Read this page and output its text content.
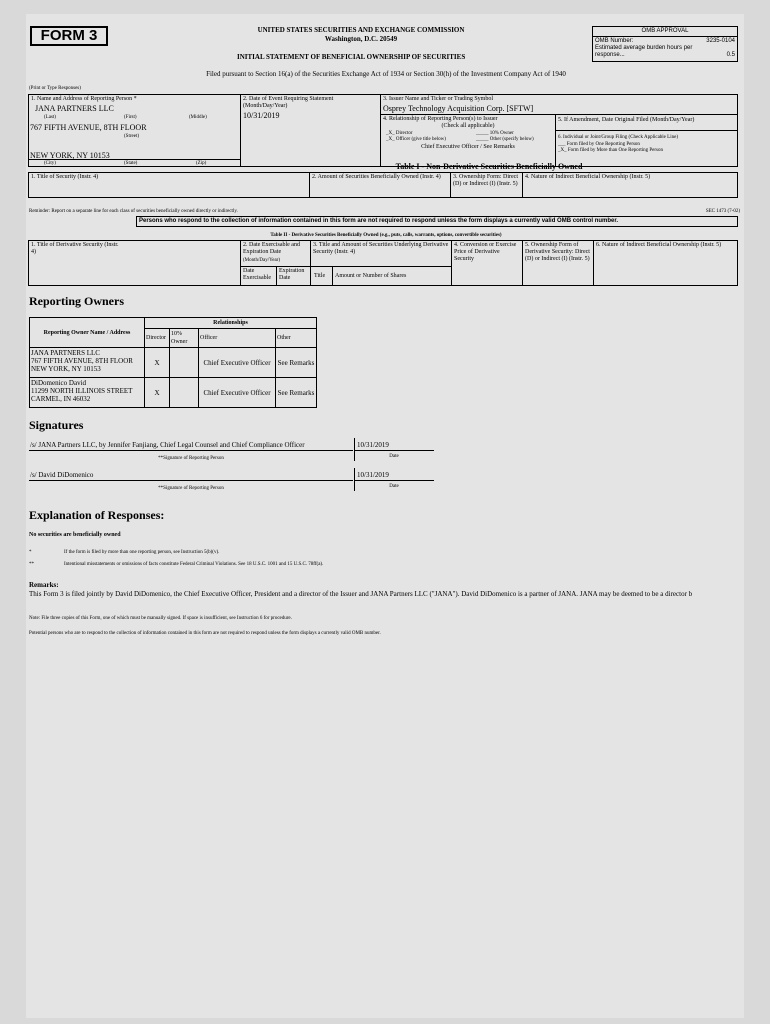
FORM 3	UNITED STATES SECURITIES AND EXCHANGE COMMISSION
Washington, D.C. 20549
INITIAL STATEMENT OF BENEFICIAL OWNERSHIP OF SECURITIES
OMB APPROVAL
OMB Number:	3235-0104
Estimated average burden hours per response...	0.5
Filed pursuant to Section 16(a) of the Securities Exchange Act of 1934 or Section 30(h) of the Investment Company Act of 1940
(Print or Type Responses)
1. Name and Address of Reporting Person *
JANA PARTNERS LLC
(Last)	(First)	(Middle)
767 FIFTH AVENUE, 8TH FLOOR
(Street)
NEW YORK, NY 10153
(City)	(State)	(Zip)
2. Date of Event Requiring Statement (Month/Day/Year)
10/31/2019
3. Issuer Name and Ticker or Trading Symbol
Osprey Technology Acquisition Corp. [SFTW]
4. Relationship of Reporting Person(s) to Issuer
(Check all applicable)
_X_ Director	_____ 10% Owner
_X_ Officer (give title below)	_____ Other (specify below)
Chief Executive Officer / See Remarks
5. If Amendment, Date Original Filed (Month/Day/Year)
6. Individual or Joint/Group Filing (Check Applicable Line)
___ Form filed by One Reporting Person
_X_ Form filed by More than One Reporting Person
Table I - Non-Derivative Securities Beneficially Owned
1. Title of Security (Instr. 4)	2. Amount of Securities Beneficially Owned (Instr. 4)	3. Ownership Form: Direct (D) or Indirect (I) (Instr. 5)
4. Nature of Indirect Beneficial Ownership (Instr. 5)
Reminder: Report on a separate line for each class of securities beneficially owned directly or indirectly.	SEC 1473 (7-02)
Persons who respond to the collection of information contained in this form are not required to respond unless the form displays a currently valid OMB control number.
Table II - Derivative Securities Beneficially Owned (e.g., puts, calls, warrants, options, convertible securities)
1. Title of Derivative Security (Instr. 4)
2. Date Exercisable and Expiration Date
(Month/Day/Year)
Date Exercisable
Expiration Date
3. Title and Amount of Securities Underlying Derivative Security (Instr. 4)
Title Amount or Number of Shares
4. Conversion or Exercise Price of Derivative Security
5. Ownership Form of Derivative Security: Direct (D) or Indirect (I) (Instr. 5)
6. Nature of Indirect Beneficial Ownership (Instr. 5)
Reporting Owners
Reporting Owner Name / Address	Relationships			
	Director	10% Owner	Officer	Other

JANA PARTNERS LLC
767 FIFTH AVENUE, 8TH FLOOR
NEW YORK, NY 10153	X		Chief Executive Officer	See Remarks

DiDomenico David
11299 NORTH ILLINOIS STREET
CARMEL, IN 46032	X		Chief Executive Officer	See Remarks
Signatures
/s/ JANA Partners LLC, by Jennifer Fanjiang, Chief Legal Counsel and Chief Compliance Officer
**Signature of Reporting Person
10/31/2019
Date
/s/ David DiDomenico
**Signature of Reporting Person
10/31/2019
Date
Explanation of Responses:
No securities are beneficially owned
*	If the form is filed by more than one reporting person, see Instruction 5(b)(v).
**	Intentional misstatements or omissions of facts constitute Federal Criminal Violations. See 18 U.S.C. 1001 and 15 U.S.C. 78ff(a).
Remarks:
This Form 3 is filed jointly by David DiDomenico, the Chief Executive Officer, President and a director of the Issuer and JANA Partners LLC ("JANA"). David DiDomenico is a partner of JANA. JANA may be deemed to be a director b
Note: File three copies of this Form, one of which must be manually signed. If space is insufficient, see Instruction 6 for procedure.
Potential persons who are to respond to the collection of information contained in this form are not required to respond unless the form displays a currently valid OMB number.
